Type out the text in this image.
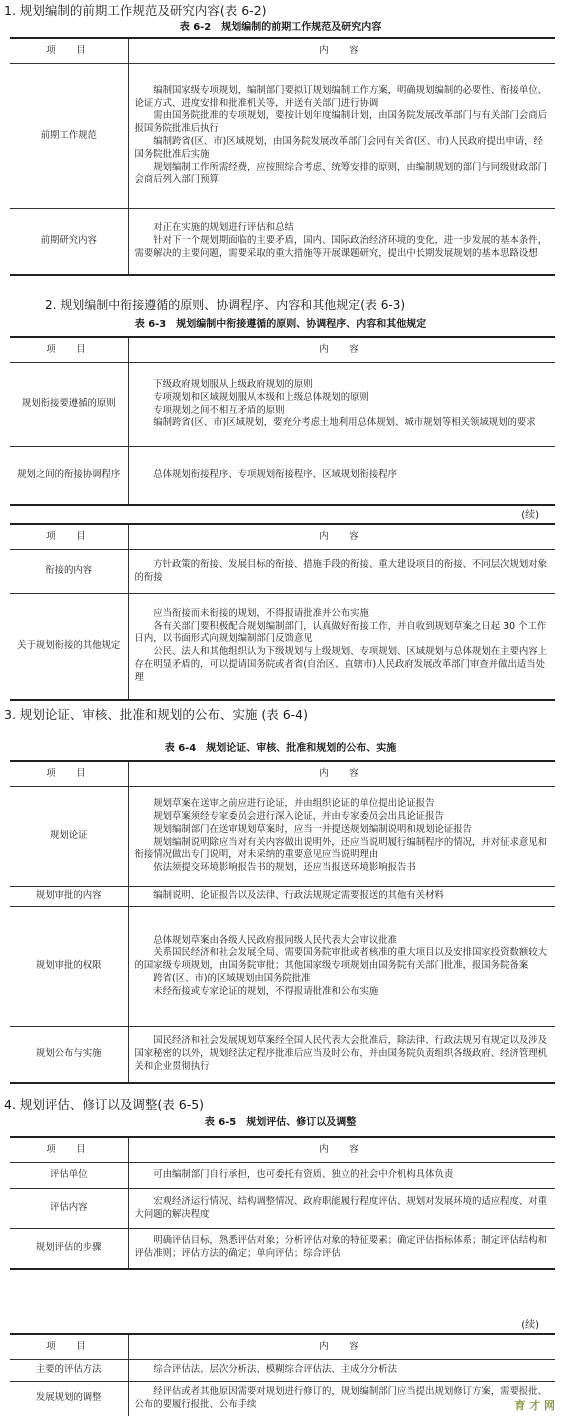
1. 规划编制的前期工作规范及研究内容(表 6-2)
表 6-2　规划编制的前期工作规范及研究内容
项　目	内　容
前期工作规范	编制国家级专项规划，编制部门要拟订规划编制工作方案，明确规划编制的必要性、衔接单位、论证方式、进度安排和批准机关等，并送有关部门进行协调
需由国务院批准的专项规划，要按计划年度编制计划，由国务院发展改革部门与有关部门会商后报国务院批准后执行
编制跨省(区、市)区域规划，由国务院发展改革部门会同有关省(区、市)人民政府提出申请，经国务院批准后实施
规划编制工作所需经费，应按照综合考虑、统筹安排的原则，由编制规划的部门与同级财政部门会商后列入部门预算

前期研究内容	对正在实施的规划进行评估和总结
针对下一个规划期面临的主要矛盾，国内、国际政治经济环境的变化，进一步发展的基本条件，需要解决的主要问题，需要采取的重大措施等开展课题研究，提出中长期发展规划的基本思路设想
2. 规划编制中衔接遵循的原则、协调程序、内容和其他规定(表 6-3)
表 6-3　规划编制中衔接遵循的原则、协调程序、内容和其他规定
项　目	内　容
规划衔接要遵循的原则	下级政府规划服从上级政府规划的原则
专项规划和区域规划服从本级和上级总体规划的原则
专项规划之间不相互矛盾的原则
编制跨省(区、市)区域规划，要充分考虑土地利用总体规划、城市规划等相关领域规划的要求

规划之间的衔接协调程序	总体规划衔接程序、专项规划衔接程序、区域规划衔接程序
(续)
项　目	内　容
衔接的内容	方针政策的衔接、发展目标的衔接、措施手段的衔接、重大建设项目的衔接、不同层次规划对象的衔接

关于规划衔接的其他规定	应当衔接而未衔接的规划，不得报请批准并公布实施
各有关部门要积极配合规划编制部门，认真做好衔接工作，并自收到规划草案之日起 30 个工作日内，以书面形式向规划编制部门反馈意见
公民、法人和其他组织认为下级规划与上级规划、专项规划、区域规划与总体规划在主要内容上存在明显矛盾的，可以提请国务院或者省(自治区、直辖市)人民政府发展改革部门审查并做出适当处理
3. 规划论证、审核、批准和规划的公布、实施 (表 6-4)
表 6-4　规划论证、审核、批准和规划的公布、实施
项　目	内　容
规划论证	规划草案在送审之前应进行论证，并由组织论证的单位提出论证报告
规划草案须经专家委员会进行深入论证，并由专家委员会出具论证报告
规划编制部门在送审规划草案时，应当一并提送规划编制说明和规划论证报告
规划编制说明除应当对有关内容做出说明外，还应当说明履行编制程序的情况，并对征求意见和衔接情况做出专门说明，对未采纳的重要意见应当说明理由
依法须提交环境影响报告书的规划，还应当报送环境影响报告书

规划审批的内容	编制说明、论证报告以及法律、行政法规规定需要报送的其他有关材料

规划审批的权限	总体规划草案由各级人民政府报同级人民代表大会审议批准
关系国民经济和社会发展全局、需要国务院审批或者核准的重大项目以及安排国家投资数额较大的国家级专项规划，由国务院审批；其他国家级专项规划由国务院有关部门批准，报国务院备案
跨省(区、市)的区域规划由国务院批准
未经衔接或专家论证的规划，不得报请批准和公布实施

规划公布与实施	国民经济和社会发展规划草案经全国人民代表大会批准后，除法律、行政法规另有规定以及涉及国家秘密的以外，规划经法定程序批准后应当及时公布，并由国务院负责组织各级政府、经济管理机关和企业贯彻执行
4. 规划评估、修订以及调整(表 6-5)
表 6-5　规划评估、修订以及调整
项　目	内　容
评估单位	可由编制部门自行承担，也可委托有资质、独立的社会中介机构具体负责

评估内容	宏观经济运行情况、结构调整情况、政府职能履行程度评估、规划对发展环境的适应程度、对重大问题的解决程度

规划评估的步骤	明确评估目标，熟悉评估对象；分析评估对象的特征要素；确定评估指标体系；制定评估结构和评估准则；评估方法的确定；单向评估；综合评估
(续)
项　目	内　容
主要的评估方法	综合评估法、层次分析法、模糊综合评估法、主成分分析法

发展规划的调整	经评估或者其他原因需要对规划进行修订的，规划编制部门应当提出规划修订方案，需要报批、公布的要履行报批、公布手续	育 才 网
